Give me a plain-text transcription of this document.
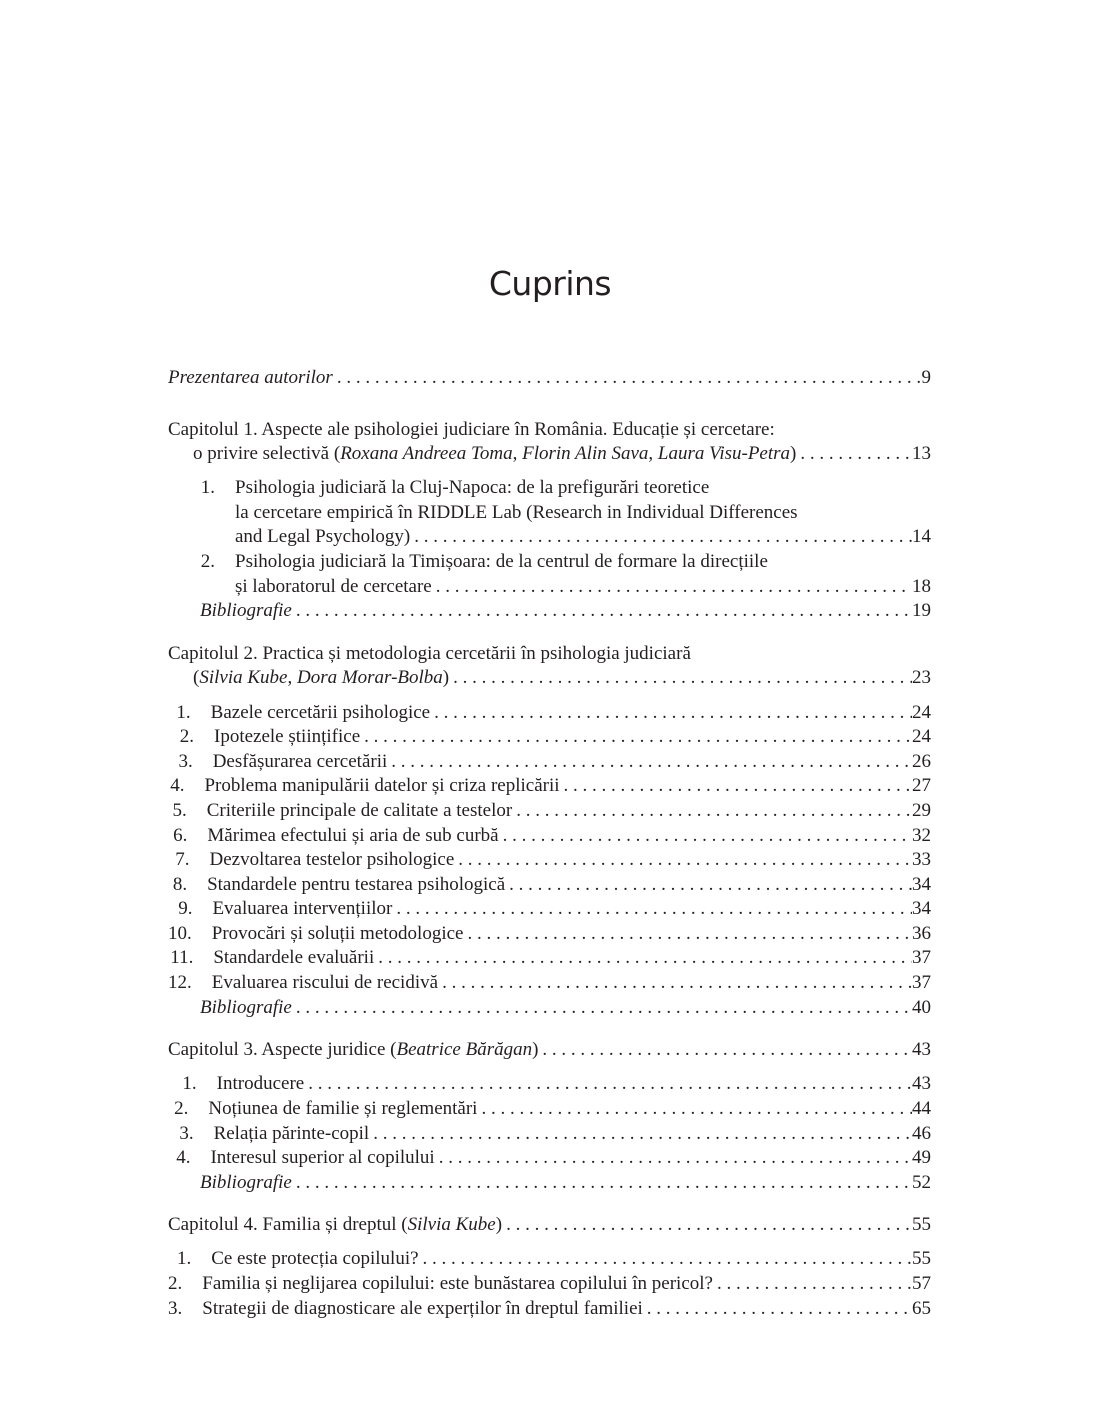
Cuprins
Prezentarea autorilor . . .	9
Capitolul 1. Aspecte ale psihologiei judiciare în România. Educație și cercetare:
o privire selectivă (Roxana Andreea Toma, Florin Alin Sava, Laura Visu-Petra) . . .	13
1.	Psihologia judiciară la Cluj-Napoca: de la prefigurări teoretice
la cercetare empirică în RIDDLE Lab (Research in Individual Differences
and Legal Psychology) . . .	14
2.	Psihologia judiciară la Timișoara: de la centrul de formare la direcțiile
și laboratorul de cercetare . . .	18
Bibliografie . . .	19
Capitolul 2. Practica și metodologia cercetării în psihologia judiciară
(Silvia Kube, Dora Morar-Bolba) . . .	23
1.	Bazele cercetării psihologice . . .	24
2.	Ipotezele științifice . . .	24
3.	Desfășurarea cercetării . . .	26
4.	Problema manipulării datelor și criza replicării . . .	27
5.	Criteriile principale de calitate a testelor . . .	29
6.	Mărimea efectului și aria de sub curbă . . .	32
7.	Dezvoltarea testelor psihologice . . .	33
8.	Standardele pentru testarea psihologică . . .	34
9.	Evaluarea intervențiilor . . .	34
10.	Provocări și soluții metodologice . . .	36
11.	Standardele evaluării . . .	37
12.	Evaluarea riscului de recidivă . . .	37
Bibliografie . . .	40
Capitolul 3. Aspecte juridice (Beatrice Bărăgan) . . .	43
1.	Introducere . . .	43
2.	Noțiunea de familie și reglementări . . .	44
3.	Relația părinte-copil . . .	46
4.	Interesul superior al copilului . . .	49
Bibliografie . . .	52
Capitolul 4. Familia și dreptul (Silvia Kube) . . .	55
1.	Ce este protecția copilului? . . .	55
2.	Familia și neglijarea copilului: este bunăstarea copilului în pericol? . . .	57
3.	Strategii de diagnosticare ale experților în dreptul familiei . . .	65
